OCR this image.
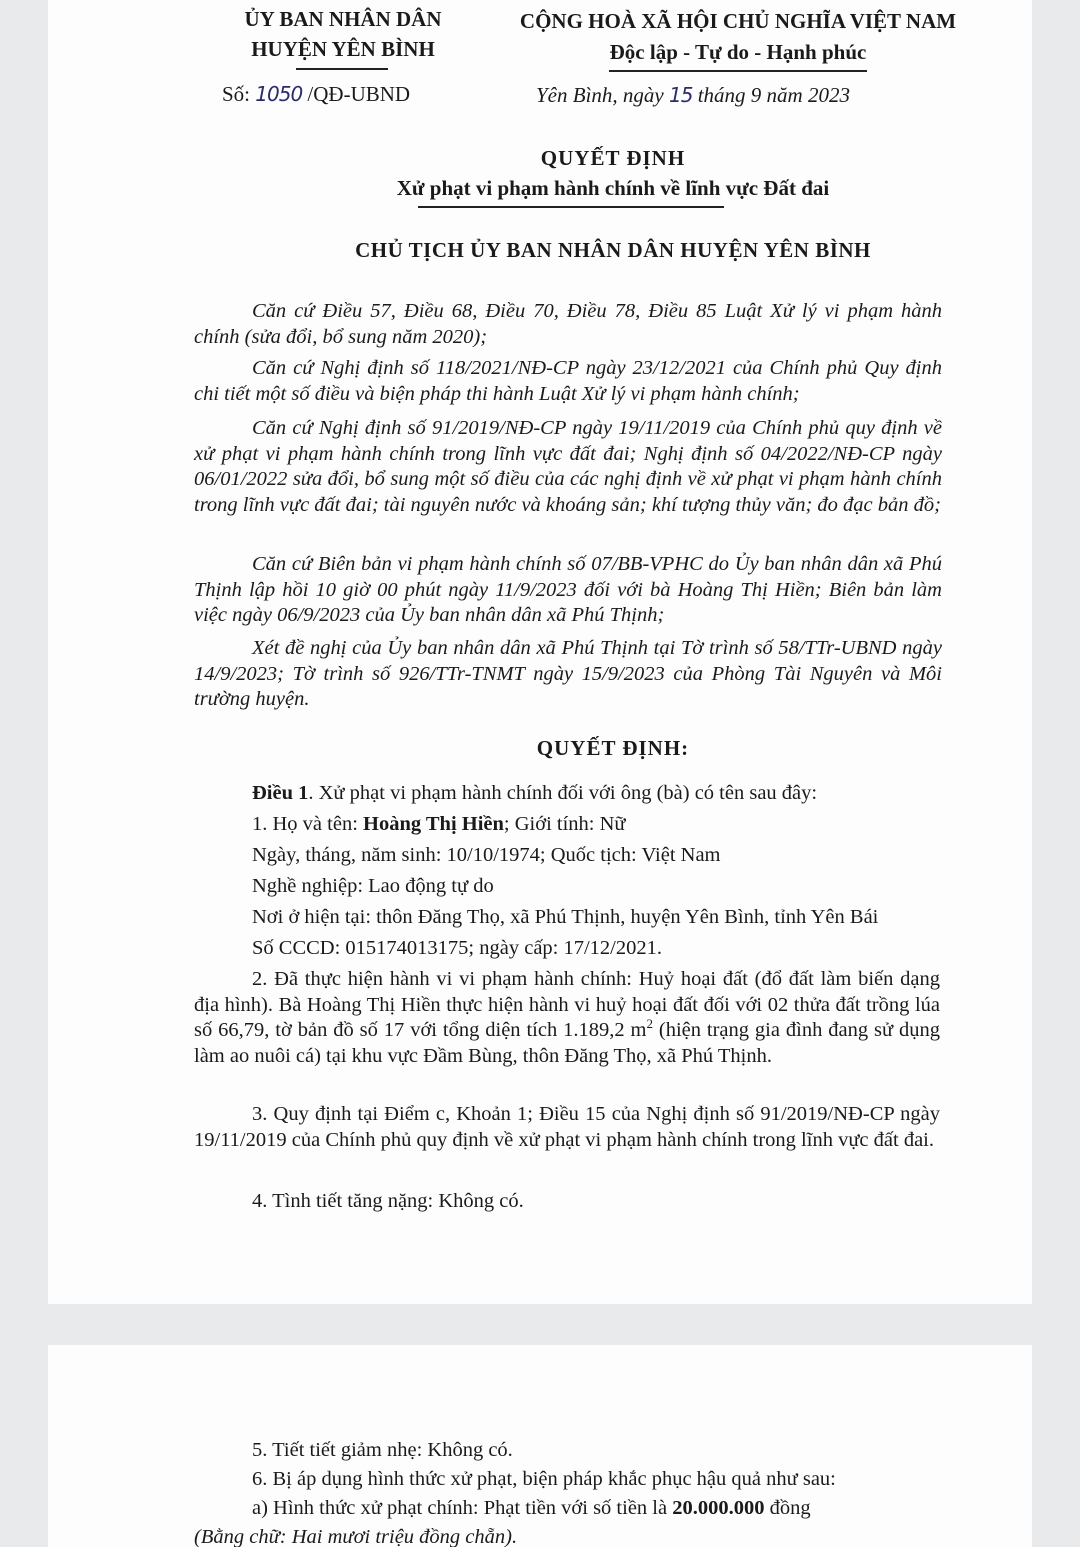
ỦY BAN NHÂN DÂN
HUYỆN YÊN BÌNH
CỘNG HOÀ XÃ HỘI CHỦ NGHĨA VIỆT NAM
Độc lập - Tự do - Hạnh phúc
Số: 1050 /QĐ-UBND	Yên Bình, ngày 15 tháng 9 năm 2023
QUYẾT ĐỊNH
Xử phạt vi phạm hành chính về lĩnh vực Đất đai
CHỦ TỊCH ỦY BAN NHÂN DÂN HUYỆN YÊN BÌNH
Căn cứ Điều 57, Điều 68, Điều 70, Điều 78, Điều 85 Luật Xử lý vi phạm hành chính (sửa đổi, bổ sung năm 2020);
Căn cứ Nghị định số 118/2021/NĐ-CP ngày 23/12/2021 của Chính phủ Quy định chi tiết một số điều và biện pháp thi hành Luật Xử lý vi phạm hành chính;
Căn cứ Nghị định số 91/2019/NĐ-CP ngày 19/11/2019 của Chính phủ quy định về xử phạt vi phạm hành chính trong lĩnh vực đất đai; Nghị định số 04/2022/NĐ-CP ngày 06/01/2022 sửa đổi, bổ sung một số điều của các nghị định về xử phạt vi phạm hành chính trong lĩnh vực đất đai; tài nguyên nước và khoáng sản; khí tượng thủy văn; đo đạc bản đồ;
Căn cứ Biên bản vi phạm hành chính số 07/BB-VPHC do Ủy ban nhân dân xã Phú Thịnh lập hồi 10 giờ 00 phút ngày 11/9/2023 đối với bà Hoàng Thị Hiền; Biên bản làm việc ngày 06/9/2023 của Ủy ban nhân dân xã Phú Thịnh;
Xét đề nghị của Ủy ban nhân dân xã Phú Thịnh tại Tờ trình số 58/TTr-UBND ngày 14/9/2023; Tờ trình số 926/TTr-TNMT ngày 15/9/2023 của Phòng Tài Nguyên và Môi trường huyện.
QUYẾT ĐỊNH:
Điều 1. Xử phạt vi phạm hành chính đối với ông (bà) có tên sau đây:
1. Họ và tên: Hoàng Thị Hiền; Giới tính: Nữ
Ngày, tháng, năm sinh: 10/10/1974; Quốc tịch: Việt Nam
Nghề nghiệp: Lao động tự do
Nơi ở hiện tại: thôn Đăng Thọ, xã Phú Thịnh, huyện Yên Bình, tỉnh Yên Bái
Số CCCD: 015174013175; ngày cấp: 17/12/2021.
2. Đã thực hiện hành vi vi phạm hành chính: Huỷ hoại đất (đổ đất làm biến dạng địa hình). Bà Hoàng Thị Hiền thực hiện hành vi huỷ hoại đất đối với 02 thửa đất trồng lúa số 66,79, tờ bản đồ số 17 với tổng diện tích 1.189,2 $m^2$ (hiện trạng gia đình đang sử dụng làm ao nuôi cá) tại khu vực Đầm Bùng, thôn Đăng Thọ, xã Phú Thịnh.
3. Quy định tại Điểm c, Khoản 1; Điều 15 của Nghị định số 91/2019/NĐ-CP ngày 19/11/2019 của Chính phủ quy định về xử phạt vi phạm hành chính trong lĩnh vực đất đai.
4. Tình tiết tăng nặng: Không có.
5. Tiết tiết giảm nhẹ: Không có.
6. Bị áp dụng hình thức xử phạt, biện pháp khắc phục hậu quả như sau:
a) Hình thức xử phạt chính: Phạt tiền với số tiền là 20.000.000 đồng
(Bằng chữ: Hai mươi triệu đồng chẵn).
